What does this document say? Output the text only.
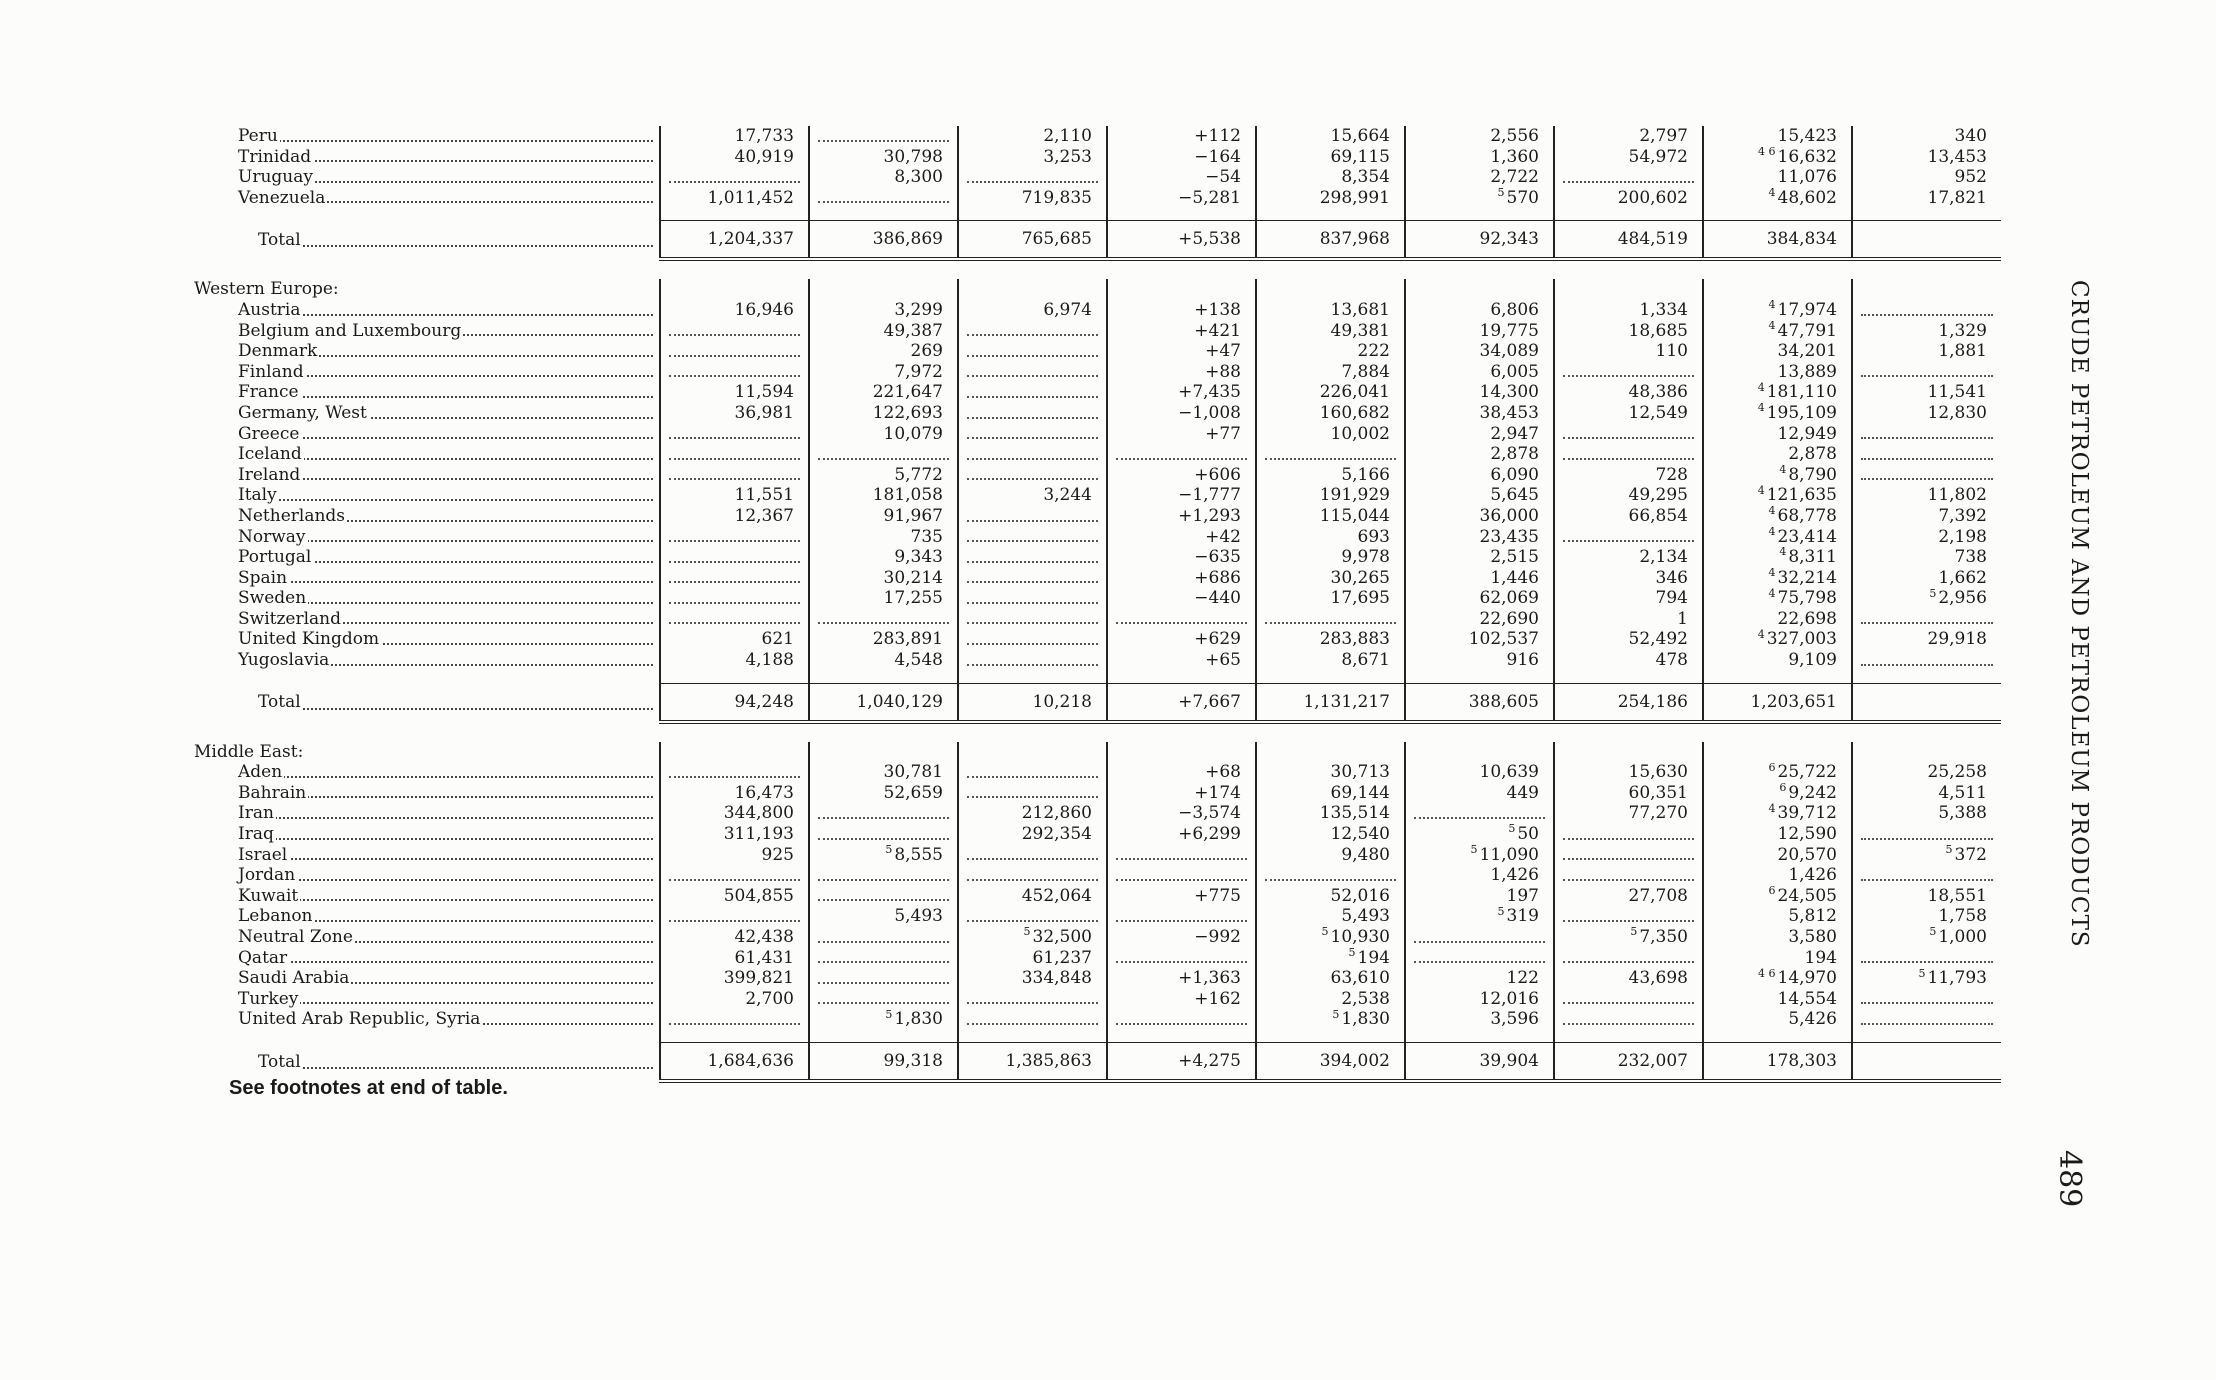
Peru	17,733		2,110	+112	15,664	2,556	2,797	15,423	340
Trinidad	40,919	30,798	3,253	−164	69,115	1,360	54,972	$^{4 6}$ 16,632	13,453
Uruguay		8,300		−54	8,354	2,722		11,076	952
Venezuela	1,011,452		719,835	−5,281	298,991	$^5$ 570	200,602	$^4$ 48,602	17,821

Total	1,204,337	386,869	765,685	+5,538	837,968	92,343	484,519	384,834	

Western Europe:									
Austria	16,946	3,299	6,974	+138	13,681	6,806	1,334	$^4$ 17,974	
Belgium and Luxembourg		49,387		+421	49,381	19,775	18,685	$^4$ 47,791	1,329
Denmark		269		+47	222	34,089	110	34,201	1,881
Finland		7,972		+88	7,884	6,005		13,889	
France	11,594	221,647		+7,435	226,041	14,300	48,386	$^4$ 181,110	11,541
Germany, West	36,981	122,693		−1,008	160,682	38,453	12,549	$^4$ 195,109	12,830
Greece		10,079		+77	10,002	2,947		12,949	
Iceland						2,878		2,878	
Ireland		5,772		+606	5,166	6,090	728	$^4$ 8,790	
Italy	11,551	181,058	3,244	−1,777	191,929	5,645	49,295	$^4$ 121,635	11,802
Netherlands	12,367	91,967		+1,293	115,044	36,000	66,854	$^4$ 68,778	7,392
Norway		735		+42	693	23,435		$^4$ 23,414	2,198
Portugal		9,343		−635	9,978	2,515	2,134	$^4$ 8,311	738
Spain		30,214		+686	30,265	1,446	346	$^4$ 32,214	1,662
Sweden		17,255		−440	17,695	62,069	794	$^4$ 75,798	$^5$ 2,956
Switzerland						22,690	1	22,698	
United Kingdom	621	283,891		+629	283,883	102,537	52,492	$^4$ 327,003	29,918
Yugoslavia	4,188	4,548		+65	8,671	916	478	9,109	

Total	94,248	1,040,129	10,218	+7,667	1,131,217	388,605	254,186	1,203,651	

Middle East:									
Aden		30,781		+68	30,713	10,639	15,630	$^6$ 25,722	25,258
Bahrain	16,473	52,659		+174	69,144	449	60,351	$^6$ 9,242	4,511
Iran	344,800		212,860	−3,574	135,514		77,270	$^4$ 39,712	5,388
Iraq	311,193		292,354	+6,299	12,540	$^5$ 50		12,590	
Israel	925	$^5$ 8,555			9,480	$^5$ 11,090		20,570	$^5$ 372
Jordan						1,426		1,426	
Kuwait	504,855		452,064	+775	52,016	197	27,708	$^6$ 24,505	18,551
Lebanon		5,493			5,493	$^5$ 319		5,812	1,758
Neutral Zone	42,438		$^5$ 32,500	−992	$^5$ 10,930		$^5$ 7,350	3,580	$^5$ 1,000
Qatar	61,431		61,237		$^5$ 194			194	
Saudi Arabia	399,821		334,848	+1,363	63,610	122	43,698	$^{4 6}$ 14,970	$^5$ 11,793
Turkey	2,700			+162	2,538	12,016		14,554	
United Arab Republic, Syria		$^5$ 1,830			$^5$ 1,830	3,596		5,426	

Total	1,684,636	99,318	1,385,863	+4,275	394,002	39,904	232,007	178,303	
See footnotes at end of table.
CRUDE PETROLEUM AND PETROLEUM PRODUCTS
489
